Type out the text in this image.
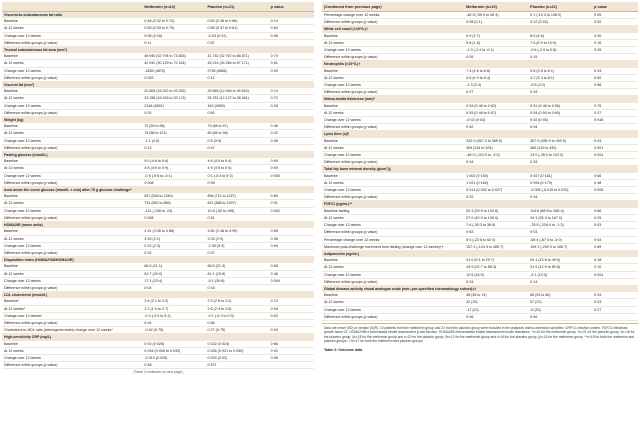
	Metformin (n=10)	Placebo (n=21)	p value
Visceral-to-subcutaneous fat ratio			
Baseline	0·46 (0·32 to 0·72)	0·60 (0·38 to 0·86)	0·14
At 12 weeks	0·55 (0·33 to 0·79)	0·58 (0·37 to 0·81)	0·62
Change over 12 weeks	0·08 (0·16)	-0·03 (0·22)	0·06
Difference within groups (p value)	0·11	0·57	
Truncal subcutaneous fat area (mm²)			
Baseline	48 940 (32 794 to 73 853)	41 752 (32 767 to 88 871)	0·70
At 12 weeks	42 942 (30 129 to 72 164)	45 214 (34 284 to 57 171)	0·81
Change over 12 weeks	-1835 (4870)	2796 (4856)	0·02
Difference within groups (p value)	0·053	0·12	
Visceral fat (mm²)			
Baseline	22 808 (16 022 to 33 252)	25 665 (12 064 to 35 624)	0·14
At 12 weeks	23 286 (16 918 to 33 174)	26 781 (12 127 to 38 461)	0·72
Change over 12 weeks	2146 (4891)	442 (4950)	0·28
Difference within groups (p value)	0·24	0·60	
Weight (kg)			
Baseline	75 (59 to 98)	79 (68 to 97)	0·46
At 12 weeks	75 (58 to 101)	80 (66 to 96)	0·42
Change over 12 weeks	-1·1 (4·8)	0·5 (3·5)	0·06
Difference within groups (p value)	0·13	0·47	
Fasting glucose (mmol/L)			
Baseline	5·0 (4·6 to 5·6)	4·6 (4·5 to 5·4)	0·60
At 12 weeks	4·8 (4·5 to 4·9)	4·9 (4·5 to 5·0)	0·09
Change over 12 weeks	-0·5 (-0·8 to -0·1)	0·1 (-0·4 to 0·3)	0·005
Difference within groups (p value)	0·008	0·95	
Area under the curve glucose (mmol/L × min) after 75 g glucose challenge*			
Baseline	837 (526 to 1340)	806 (712 to 1027)	0·80
At 12 weeks	731 (552 to 856)	821 (588 to 1007)	0·01
Change over 12 weeks	-121 (-238 to -24)	10·8 (-60 to 108)	0·002
Difference within groups (p value)	0·008	0·51	
HOMA2IR (mass units)			
Baseline	4·41 (3·06 to 4·88)	3·82 (2·48 to 4·99)	0·65
At 12 weeks	4·53 (2·1)	3·33 (2·0)	0·06
Change over 12 weeks	0·22 (2·3)	-2·35 (5·3)	0·94
Difference within groups (p value)	0·24	0·47	
Disposition index (HOMA2%B/HOMA2IR)			
Baseline	66·5 (21·1)	66·5 (21·3)	0·68
At 12 weeks	81·7 (29·0)	81·1 (15·5)	0·46
Change over 12 weeks	17·1 (23·4)	-9·1 (30·8)	0·004
Difference within groups (p value)	0·04	0·18	
LDL cholesterol (mmol/L)			
Baseline*	2·6 (2·1 to 3·2)	2·9 (2·6 to 3·2)	0·13
At 12 weeks*	2·2 (1·9 to 2·7)	2·6 (2·4 to 3·8)	0·04
Change over 12 weeks*	-0·4 (-0·9 to 0·2)	-0·1 (-0·3 to 0·3)	0·02
Difference within groups (p value)	0·04	0·68	
Cholesterol-to-HDL ratio (atherogenic index) change over 12 weeks*	-0·62 (0·75)	0·27 (0·75)	0·04
High-sensitivity CRP (mg/L)			
Baseline	0·02 (0·025)	0·022 (0·024)	0·86
At 12 weeks	0·016 (0·006 to 0·033)	0·026 (0·021 to 0·050)	0·02
Change over 12 weeks	-0·010 (0·025)	0·003 (0·02)	0·06
Difference within groups (p value)	0·48	0·571	
(Table 2 continues on next page)
(Continued from previous page)	Metformin (n=10)	Placebo (n=21)	p value
Percentage change over 12 weeks	-46·5 (-90·9 to 45·4)	9·1 (-10·3 to 108·0)	0·09
Difference within groups (p value)	0·08 (0·1)	0·12 (0·02)	0·02
White cell count (×10⁹/L)†			
Baseline	6·9 (2·7)	8·0 (4·6)	0·40
At 12 weeks	5·8 (1·8)	7·6 (5·9 to 10·0)	0·16
Change over 12 weeks	-1·0 (-2·4 to -0·1)	-0·6 (-2·0 to 0·8)	0·25
Difference within groups (p value)	0·05	0·15	
Neutrophils (×10⁹/L)†			
Baseline	7·4 (4·6 to 8·6)	5·8 (3·8 to 8·1)	0·43
At 12 weeks	4·6 (4·0 to 6·4)	4·2 (3·4 to 8·1)	0·60
Change over 12 weeks	-1·3 (3·4)	-0·5 (3·2)	0·68
Difference within groups (p value)	0·27	0·33	
Intima-media thickness (mm)*			
Baseline	0·53 (0·48 to 0·62)	0·51 (0·48 to 0·56)	0·75
At 12 weeks	0·53 (0·48 to 0·57)	0·54 (0·50 to 0·60)	0·37
Change over 12 weeks	-0·02 (0·03)	0·02 (0·05)	0·048
Difference within groups (p value)	0·62	0·04	
Lysis time (s)¶			
Baseline	342·0 (267·0 to 365·0)	357·0 (285·0 to 400·0)	0·43
At 12 weeks	309 (234 to 324)	360 (319 to 432)	0·001
Change over 12 weeks	-48·0 (-101·0 to -3·0)	13·0 (-35·0 to 102·0)	0·004
Difference within groups (p value)	0·04	0·33	
Total hip bone mineral density (g/cm²)||			
Baseline	1·002 (0·150)	0·927 (0·181)	0·66
At 12 weeks	1·021 (0·169)	0·926 (0·179)	0·48
Change over 12 weeks	0·014 (0·002 to 0·027)	-0·005 (-0·015 to 0·010)	0·005
Difference within groups (p value)	0·02	0·44	
FGF21 (pg/mL)**			
Baseline fasting	52·3 (29·9 to 154·6)	118·6 (88·8 to 268·4)	0·66
At 12 weeks	27·0 (40·0 to 138·0)	34·1 (28·3 to 167·0)	0·25
Change over 12 weeks	7·6 (-30·3 to 38·0)	-78·5 (-234·4 to -1·3)	0·03
Difference within groups (p value)	0·63	0·03	
Percentage change over 12 weeks	5·0 (-23·6 to 52·1)	-66·4 (-87·3 to -3·0)	0·04
Maximum post-challenge increment from fasting (change over 12 weeks)††	157·2 (-124·4 to 485·7)	109·2 (-292·0 to 166·7)	0·89
Adiponectin (ng/mL)			
Baseline	31·0 (9·1 to 29·7)	24·1 (13·8 to 49·5)	0·18
At 12 weeks	44·9 (22·7 to 58·3)	31·9 (12·0 to 50·8)	0·10
Change over 12 weeks	12·6 (16·0)	-3·1 (10·0)	0·004
Difference within groups (p value)	0·04	0·14	
Global disease-activity visual analogue scale (mm; pre-specified rheumatology cohort)‡‡			
Baseline	48 (28 to 74)	68 (53 to 80)	0·34
At 12 weeks	32 (19)	57 (22)	0·03
Change over 12 weeks	-17 (22)	-6 (23)	0·27
Difference within groups (p value)	0·06	0·69	
Data are mean (SD) or median (IQR). 10 patients from the metformin group and 21 from the placebo group were included in the analyses unless otherwise specified. CRP=C-reactive protein. FGF21=fibroblast growth factor 21. HOMA2%B=Homeostasis Model Assessment β-cell function. HOMA2IR=Homeostasis Model Assessment insulin resistance. *n=10 for the metformin group. †n=21 for the placebo group. ‡n=18 for the placebo group. §n=18 for the metformin group and n=20 for the placebo group. ¶n=12 for the metformin group and n=16 for the placebo group. ||n=18 for the metformin group. **n=18 for both the metformin and placebo groups. ††n=17 for both the metformin and placebo groups.
Table 2: Outcome data
